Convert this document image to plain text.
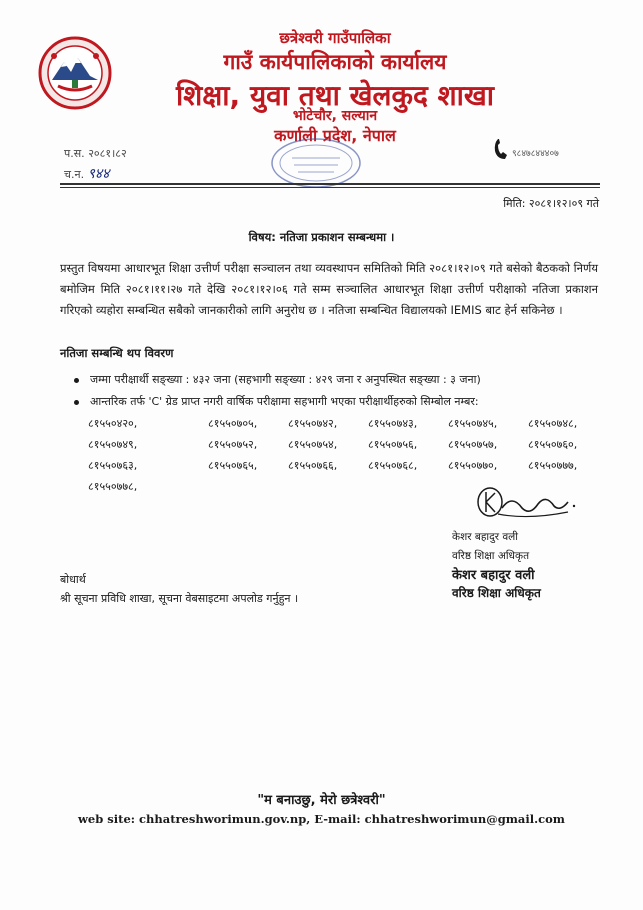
छत्रेश्वरी गाउँपालिका
गाउँ कार्यपालिकाको कार्यालय
शिक्षा, युवा तथा खेलकुद शाखा
भोटेचौर, सल्यान
कर्णाली प्रदेश, नेपाल
प.स. २०८१।८२
च.न. ९४४
९८४७८४४४०७
मिति: २०८१।१२।०९ गते
विषय: नतिजा प्रकाशन सम्बन्धमा ।
प्रस्तुत विषयमा आधारभूत शिक्षा उत्तीर्ण परीक्षा सञ्चालन तथा व्यवस्थापन समितिको मिति २०८१।१२।०९ गते बसेको बैठकको निर्णय बमोजिम मिति २०८१।११।२७ गते देखि २०८१।१२।०६ गते सम्म सञ्चालित आधारभूत शिक्षा उत्तीर्ण परीक्षाको नतिजा प्रकाशन गरिएको व्यहोरा सम्बन्धित सबैको जानकारीको लागि अनुरोध छ । नतिजा सम्बन्धित विद्यालयको IEMIS बाट हेर्न सकिनेछ ।
नतिजा सम्बन्धि थप विवरण
जम्मा परीक्षार्थी सङ्ख्या : ४३२ जना (सहभागी सङ्ख्या : ४२९ जना र अनुपस्थित सङ्ख्या : ३ जना)
आन्तरिक तर्फ 'C' ग्रेड प्राप्त नगरी वार्षिक परीक्षामा सहभागी भएका परीक्षार्थीहरुको सिम्बोल नम्बर:
८१५५०४२०,	८१५५०७०५,	८१५५०७४२,	८१५५०७४३,	८१५५०७४५,	८१५५०७४८,
८१५५०७४९,	८१५५०७५२,	८१५५०७५४,	८१५५०७५६,	८१५५०७५७,	८१५५०७६०,
८१५५०७६३,	८१५५०७६५,	८१५५०७६६,	८१५५०७६८,	८१५५०७७०,	८१५५०७७७,
८१५५०७७८,
केशर बहादुर वली
वरिष्ठ शिक्षा अधिकृत
केशर बहादुर वली
वरिष्ठ शिक्षा अधिकृत
बोधार्थ
श्री सूचना प्रविधि शाखा, सूचना वेबसाइटमा अपलोड गर्नुहुन ।
"म बनाउछु, मेरो छत्रेश्वरी"
web site: chhatreshworimun.gov.np, E-mail: chhatreshworimun@gmail.com
